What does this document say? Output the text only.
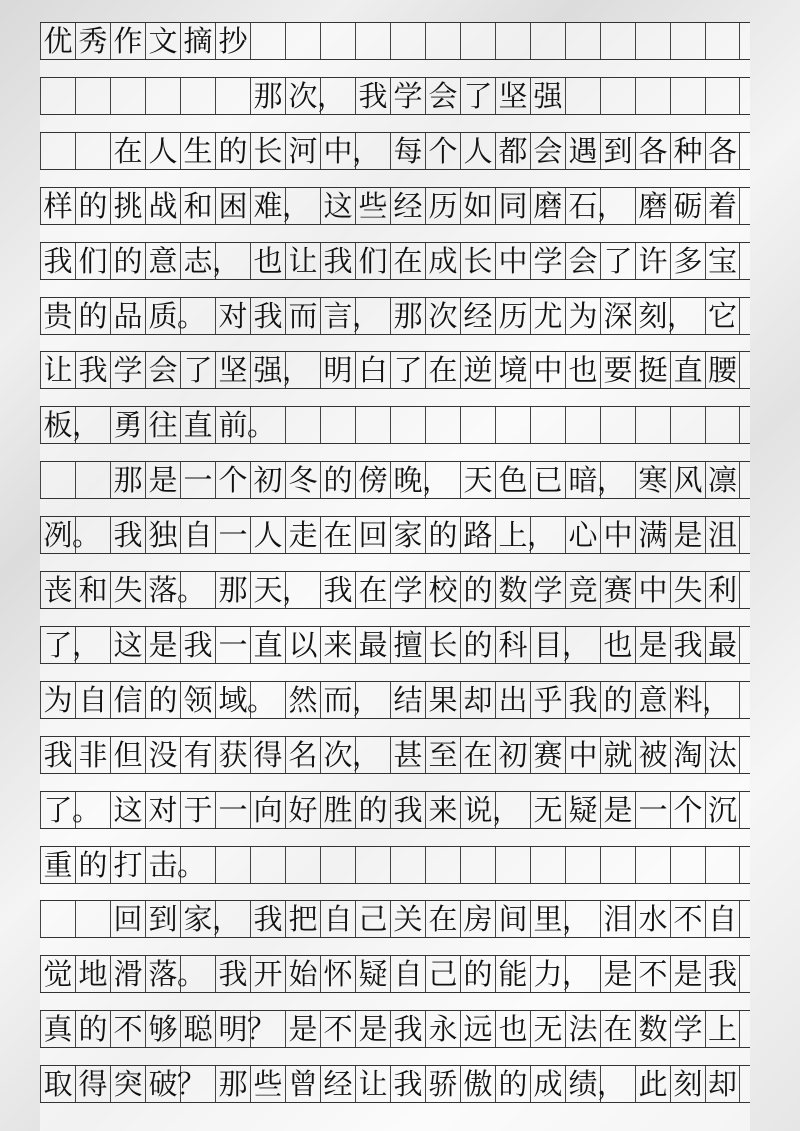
优 秀 作 文 摘 抄
那 次 ， 我 学 会 了 坚 强
在 人 生 的 长 河 中 ， 每 个 人 都 会 遇 到 各 种 各
样 的 挑 战 和 困 难 ， 这 些 经 历 如 同 磨 石 ， 磨 砺 着
我 们 的 意 志 ， 也 让 我 们 在 成 长 中 学 会 了 许 多 宝
贵 的 品 质 。 对 我 而 言 ， 那 次 经 历 尤 为 深 刻 ， 它
让 我 学 会 了 坚 强 ， 明 白 了 在 逆 境 中 也 要 挺 直 腰
板 ， 勇 往 直 前 。
那 是 一 个 初 冬 的 傍 晚 ， 天 色 已 暗 ， 寒 风 凛
冽 。 我 独 自 一 人 走 在 回 家 的 路 上 ， 心 中 满 是 沮
丧 和 失 落 。 那 天 ， 我 在 学 校 的 数 学 竞 赛 中 失 利
了 ， 这 是 我 一 直 以 来 最 擅 长 的 科 目 ， 也 是 我 最
为 自 信 的 领 域 。 然 而 ， 结 果 却 出 乎 我 的 意 料 ，
我 非 但 没 有 获 得 名 次 ， 甚 至 在 初 赛 中 就 被 淘 汰
了 。 这 对 于 一 向 好 胜 的 我 来 说 ， 无 疑 是 一 个 沉
重 的 打 击 。
回 到 家 ， 我 把 自 己 关 在 房 间 里 ， 泪 水 不 自
觉 地 滑 落 。 我 开 始 怀 疑 自 己 的 能 力 ， 是 不 是 我
真 的 不 够 聪 明 ？ 是 不 是 我 永 远 也 无 法 在 数 学 上
取 得 突 破 ？ 那 些 曾 经 让 我 骄 傲 的 成 绩 ， 此 刻 却
